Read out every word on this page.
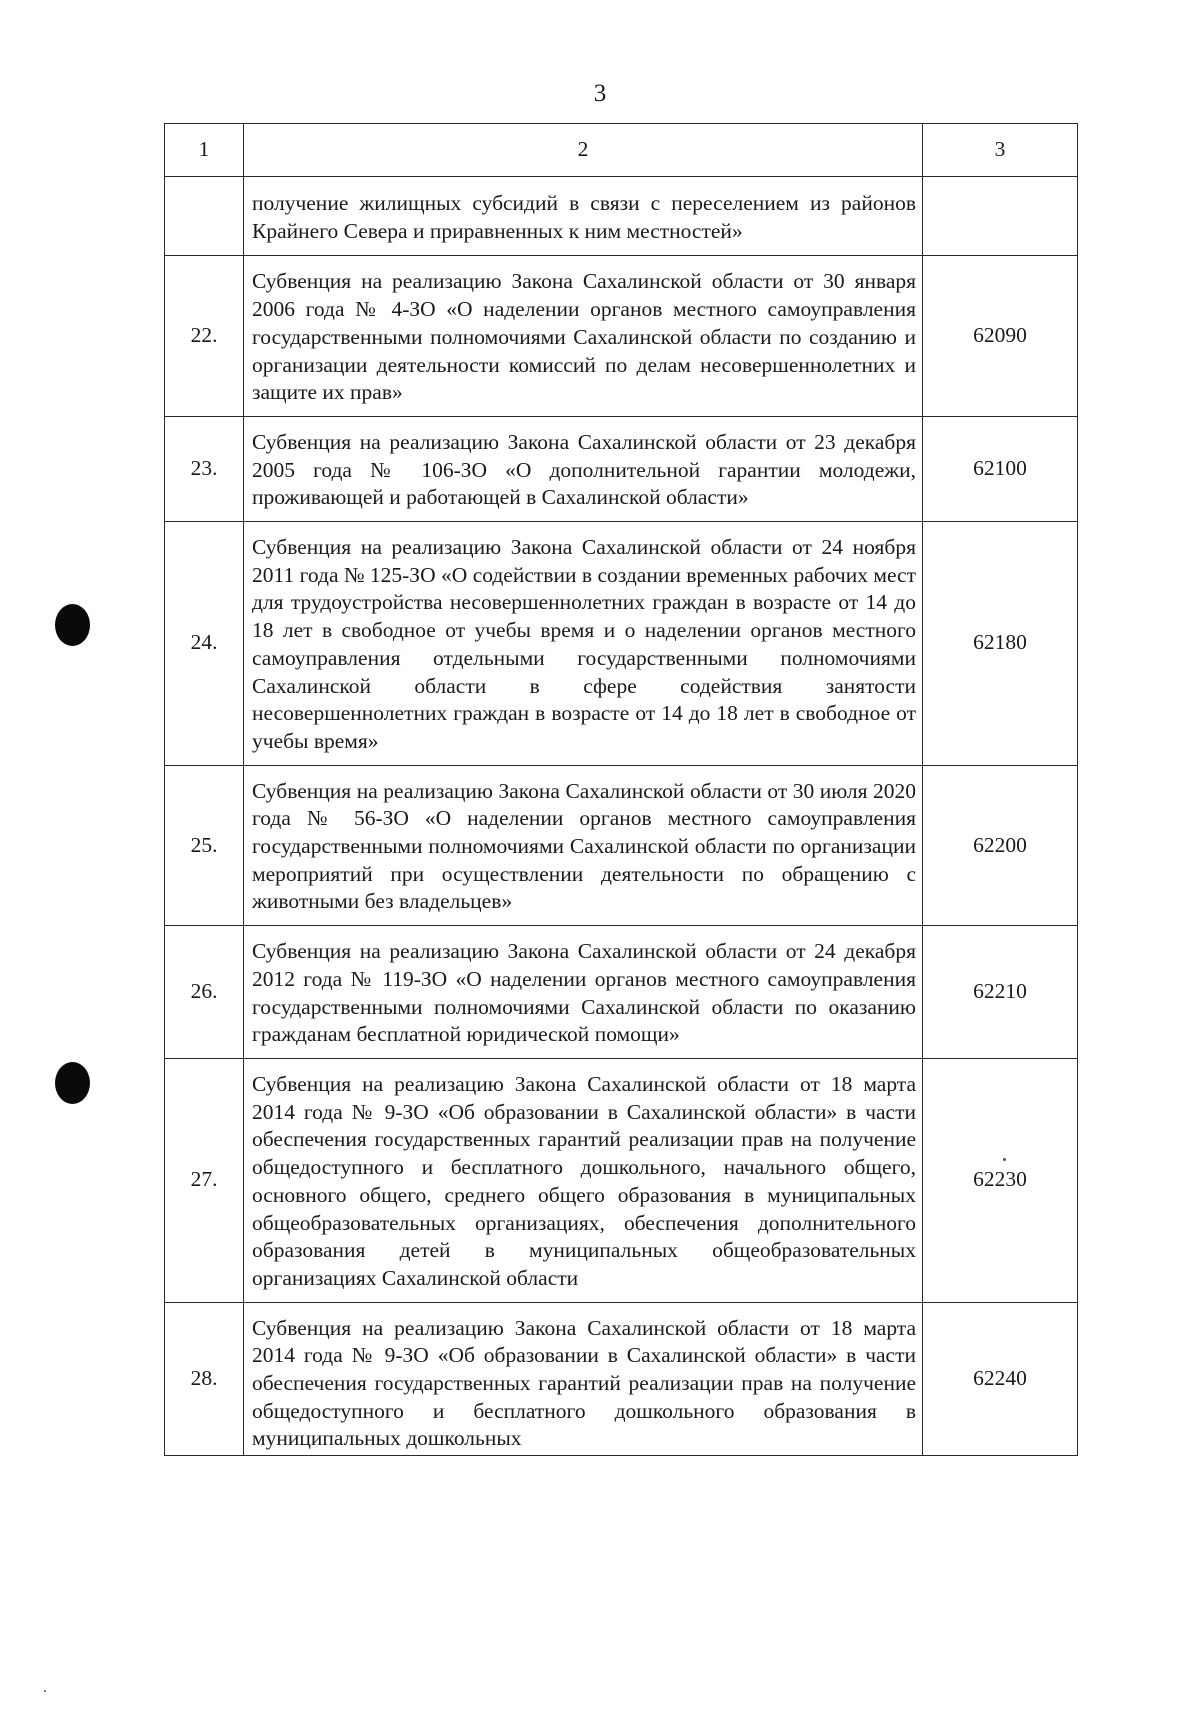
3
1	2	3
	получение жилищных субсидий в связи с переселением из районов Крайнего Севера и приравненных к ним местностей»	
22.	Субвенция на реализацию Закона Сахалинской области от 30 января 2006 года № 4-ЗО «О наделении органов местного самоуправления государственными полномочиями Сахалинской области по созданию и организации деятельности комиссий по делам несовершеннолетних и защите их прав»	62090
23.	Субвенция на реализацию Закона Сахалинской области от 23 декабря 2005 года № 106-ЗО «О дополнительной гарантии молодежи, проживающей и работающей в Сахалинской области»	62100
24.	Субвенция на реализацию Закона Сахалинской области от 24 ноября 2011 года № 125-ЗО «О содействии в создании временных рабочих мест для трудоустройства несовершеннолетних граждан в возрасте от 14 до 18 лет в свободное от учебы время и о наделении органов местного самоуправления отдельными государственными полномочиями Сахалинской области в сфере содействия занятости несовершеннолетних граждан в возрасте от 14 до 18 лет в свободное от учебы время»	62180
25.	Субвенция на реализацию Закона Сахалинской области от 30 июля 2020 года № 56-ЗО «О наделении органов местного самоуправления государственными полномочиями Сахалинской области по организации мероприятий при осуществлении деятельности по обращению с животными без владельцев»	62200
26.	Субвенция на реализацию Закона Сахалинской области от 24 декабря 2012 года № 119-ЗО «О наделении органов местного самоуправления государственными полномочиями Сахалинской области по оказанию гражданам бесплатной юридической помощи»	62210
27.	Субвенция на реализацию Закона Сахалинской области от 18 марта 2014 года № 9-ЗО «Об образовании в Сахалинской области» в части обеспечения государственных гарантий реализации прав на получение общедоступного и бесплатного дошкольного, начального общего, основного общего, среднего общего образования в муниципальных общеобразовательных организациях, обеспечения дополнительного образования детей в муниципальных общеобразовательных организациях Сахалинской области	62230
28.	Субвенция на реализацию Закона Сахалинской области от 18 марта 2014 года № 9-ЗО «Об образовании в Сахалинской области» в части обеспечения государственных гарантий реализации прав на получение общедоступного и бесплатного дошкольного образования в муниципальных дошкольных	62240
